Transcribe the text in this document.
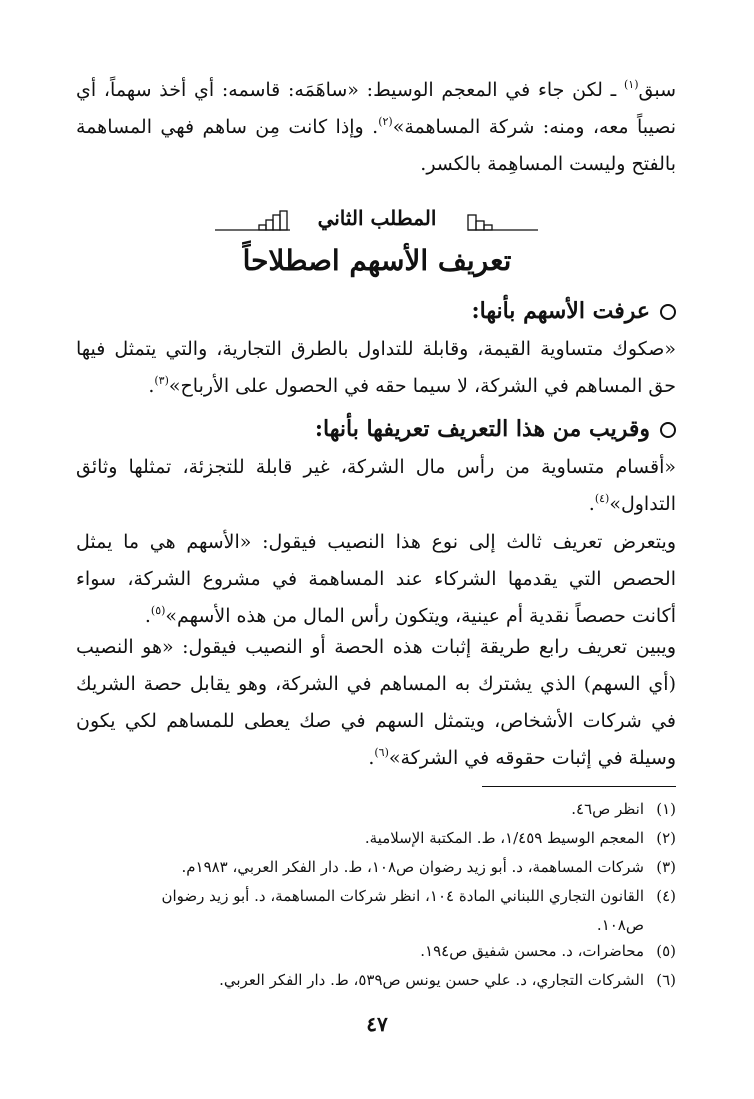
سبق$^{(١)}$ ـ لكن جاء في المعجم الوسيط: «ساهَمَه: قاسمه: أي أخذ سهماً، أي نصيباً معه، ومنه: شركة المساهمة»$^{(٢)}$. وإذا كانت مِن ساهم فهي المساهمة بالفتح وليست المساهِمة بالكسر.

المطلب الثاني
تعريف الأسهم اصطلاحاً
عرفت الأسهم بأنها:

«صكوك متساوية القيمة، وقابلة للتداول بالطرق التجارية، والتي يتمثل فيها حق المساهم في الشركة، لا سيما حقه في الحصول على الأرباح»$^{(٣)}$.

وقريب من هذا التعريف تعريفها بأنها:

«أقسام متساوية من رأس مال الشركة، غير قابلة للتجزئة، تمثلها وثائق التداول»$^{(٤)}$.

ويتعرض تعريف ثالث إلى نوع هذا النصيب فيقول: «الأسهم هي ما يمثل الحصص التي يقدمها الشركاء عند المساهمة في مشروع الشركة، سواء أكانت حصصاً نقدية أم عينية، ويتكون رأس المال من هذه الأسهم»$^{(٥)}$.

ويبين تعريف رابع طريقة إثبات هذه الحصة أو النصيب فيقول: «هو النصيب (أي السهم) الذي يشترك به المساهم في الشركة، وهو يقابل حصة الشريك في شركات الأشخاص، ويتمثل السهم في صك يعطى للمساهم لكي يكون وسيلة في إثبات حقوقه في الشركة»$^{(٦)}$.

(١)انظر ص٤٦.

(٢)المعجم الوسيط ١/٤٥٩، ط. المكتبة الإسلامية.

(٣)شركات المساهمة، د. أبو زيد رضوان ص١٠٨، ط. دار الفكر العربي، ١٩٨٣م.

(٤)القانون التجاري اللبناني المادة ١٠٤، انظر شركات المساهمة، د. أبو زيد رضوان
ص١٠٨.

(٥)محاضرات، د. محسن شفيق ص١٩٤.

(٦)الشركات التجاري، د. علي حسن يونس ص٥٣٩، ط. دار الفكر العربي.

٤٧
